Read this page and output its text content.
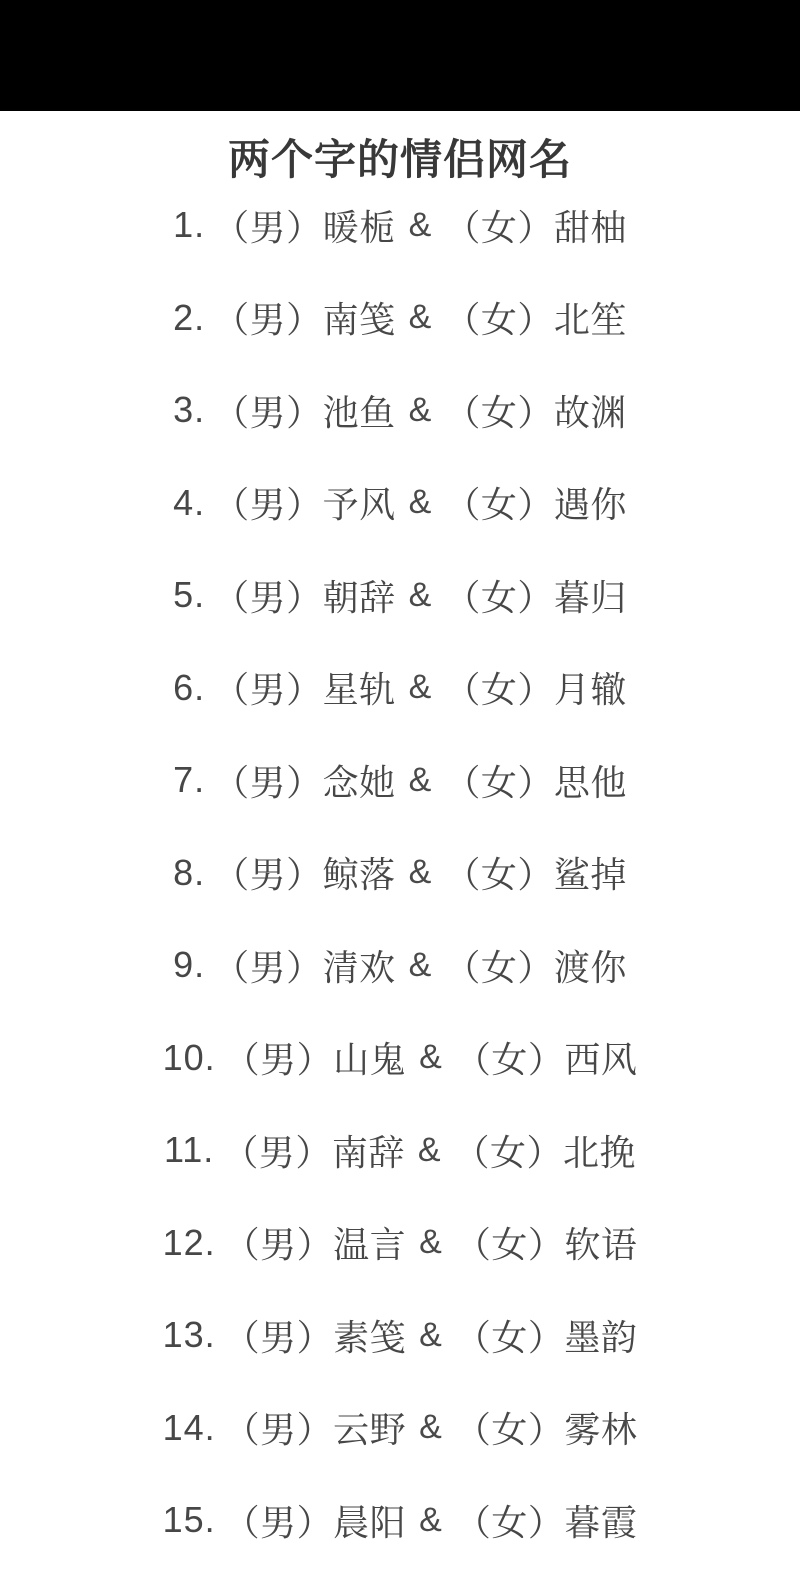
两个字的情侣网名
1. （男） 暖栀 & （女） 甜柚
2. （男） 南笺 & （女） 北笙
3. （男） 池鱼 & （女） 故渊
4. （男） 予风 & （女） 遇你
5. （男） 朝辞 & （女） 暮归
6. （男） 星轨 & （女） 月辙
7. （男） 念她 & （女） 思他
8. （男） 鲸落 & （女） 鲨掉
9. （男） 清欢 & （女） 渡你
10. （男） 山鬼 & （女） 西风
11. （男） 南辞 & （女） 北挽
12. （男） 温言 & （女） 软语
13. （男） 素笺 & （女） 墨韵
14. （男） 云野 & （女） 雾林
15. （男） 晨阳 & （女） 暮霞
